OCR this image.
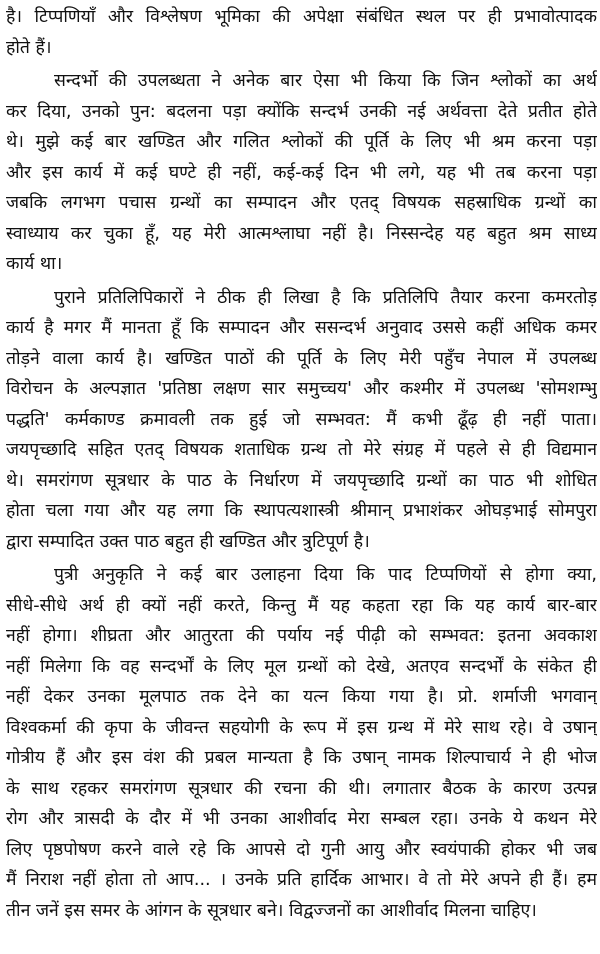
है। टिप्पणियाँ और विश्लेषण भूमिका की अपेक्षा संबंधित स्थल पर ही प्रभावोत्पादक
होते हैं।
सन्दर्भो की उपलब्धता ने अनेक बार ऐसा भी किया कि जिन श्लोकों का अर्थ
कर दिया, उनको पुन: बदलना पड़ा क्योंकि सन्दर्भ उनकी नई अर्थवत्ता देते प्रतीत होते
थे। मुझे कई बार खण्डित और गलित श्लोकों की पूर्ति के लिए भी श्रम करना पड़ा
और इस कार्य में कई घण्टे ही नहीं, कई-कई दिन भी लगे, यह भी तब करना पड़ा
जबकि लगभग पचास ग्रन्थों का सम्पादन और एतद् विषयक सहस्राधिक ग्रन्थों का
स्वाध्याय कर चुका हूँ, यह मेरी आत्मश्लाघा नहीं है। निस्सन्देह यह बहुत श्रम साध्य
कार्य था।
पुराने प्रतिलिपिकारों ने ठीक ही लिखा है कि प्रतिलिपि तैयार करना कमरतोड़
कार्य है मगर मैं मानता हूँ कि सम्पादन और ससन्दर्भ अनुवाद उससे कहीं अधिक कमर
तोड़ने वाला कार्य है। खण्डित पाठों की पूर्ति के लिए मेरी पहुँच नेपाल में उपलब्ध
विरोचन के अल्पज्ञात 'प्रतिष्ठा लक्षण सार समुच्चय' और कश्मीर में उपलब्ध 'सोमशम्भु
पद्धति' कर्मकाण्ड क्रमावली तक हुई जो सम्भवत: मैं कभी ढूँढ़ ही नहीं पाता।
जयपृच्छादि सहित एतद् विषयक शताधिक ग्रन्थ तो मेरे संग्रह में पहले से ही विद्यमान
थे। समरांगण सूत्रधार के पाठ के निर्धारण में जयपृच्छादि ग्रन्थों का पाठ भी शोधित
होता चला गया और यह लगा कि स्थापत्यशास्त्री श्रीमान् प्रभाशंकर ओघड़भाई सोमपुरा
द्वारा सम्पादित उक्त पाठ बहुत ही खण्डित और त्रुटिपूर्ण है।
पुत्री अनुकृति ने कई बार उलाहना दिया कि पाद टिप्पणियों से होगा क्या,
सीधे-सीधे अर्थ ही क्यों नहीं करते, किन्तु मैं यह कहता रहा कि यह कार्य बार-बार
नहीं होगा। शीघ्रता और आतुरता की पर्याय नई पीढ़ी को सम्भवत: इतना अवकाश
नहीं मिलेगा कि वह सन्दर्भों के लिए मूल ग्रन्थों को देखे, अतएव सन्दर्भों के संकेत ही
नहीं देकर उनका मूलपाठ तक देने का यत्न किया गया है। प्रो. शर्माजी भगवान्
विश्वकर्मा की कृपा के जीवन्त सहयोगी के रूप में इस ग्रन्थ में मेरे साथ रहे। वे उषान्
गोत्रीय हैं और इस वंश की प्रबल मान्यता है कि उषान् नामक शिल्पाचार्य ने ही भोज
के साथ रहकर समरांगण सूत्रधार की रचना की थी। लगातार बैठक के कारण उत्पन्न
रोग और त्रासदी के दौर में भी उनका आशीर्वाद मेरा सम्बल रहा। उनके ये कथन मेरे
लिए पृष्ठपोषण करने वाले रहे कि आपसे दो गुनी आयु और स्वयंपाकी होकर भी जब
मैं निराश नहीं होता तो आप... । उनके प्रति हार्दिक आभार। वे तो मेरे अपने ही हैं। हम
तीन जनें इस समर के आंगन के सूत्रधार बने। विद्वज्जनों का आशीर्वाद मिलना चाहिए।
